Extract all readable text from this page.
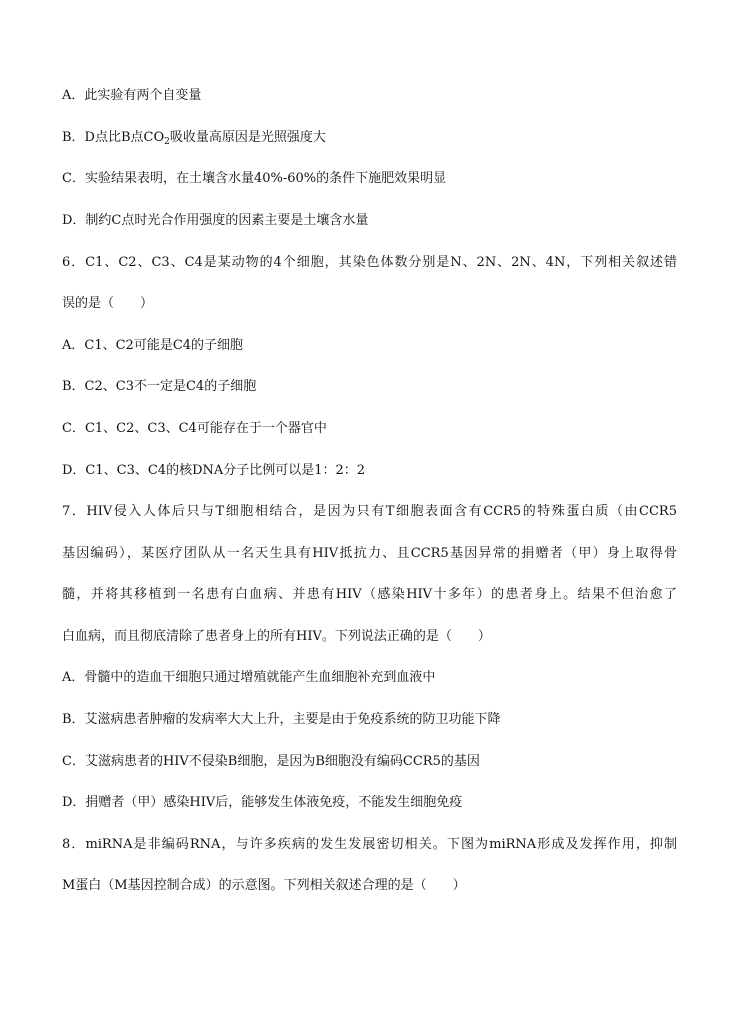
A．此实验有两个自变量
B．D点比B点$CO_2$吸收量高原因是光照强度大
C．实验结果表明，在土壤含水量40%-60%的条件下施肥效果明显
D．制约C点时光合作用强度的因素主要是土壤含水量
6．C1、C2、C3、C4是某动物的4个细胞，其染色体数分别是N、2N、2N、4N，下列相关叙述错
误的是（　　）
A．C1、C2可能是C4的子细胞
B．C2、C3不一定是C4的子细胞
C．C1、C2、C3、C4可能存在于一个器官中
D．C1、C3、C4的核DNA分子比例可以是1：2：2
7．HIV侵入人体后只与T细胞相结合，是因为只有T细胞表面含有CCR5的特殊蛋白质（由CCR5
基因编码），某医疗团队从一名天生具有HIV抵抗力、且CCR5基因异常的捐赠者（甲）身上取得骨
髓，并将其移植到一名患有白血病、并患有HIV（感染HIV十多年）的患者身上。结果不但治愈了
白血病，而且彻底清除了患者身上的所有HIV。下列说法正确的是（　　）
A．骨髓中的造血干细胞只通过增殖就能产生血细胞补充到血液中
B．艾滋病患者肿瘤的发病率大大上升，主要是由于免疫系统的防卫功能下降
C．艾滋病患者的HIV不侵染B细胞，是因为B细胞没有编码CCR5的基因
D．捐赠者（甲）感染HIV后，能够发生体液免疫，不能发生细胞免疫
8．miRNA是非编码RNA，与许多疾病的发生发展密切相关。下图为miRNA形成及发挥作用，抑制
M蛋白（M基因控制合成）的示意图。下列相关叙述合理的是（　　）
